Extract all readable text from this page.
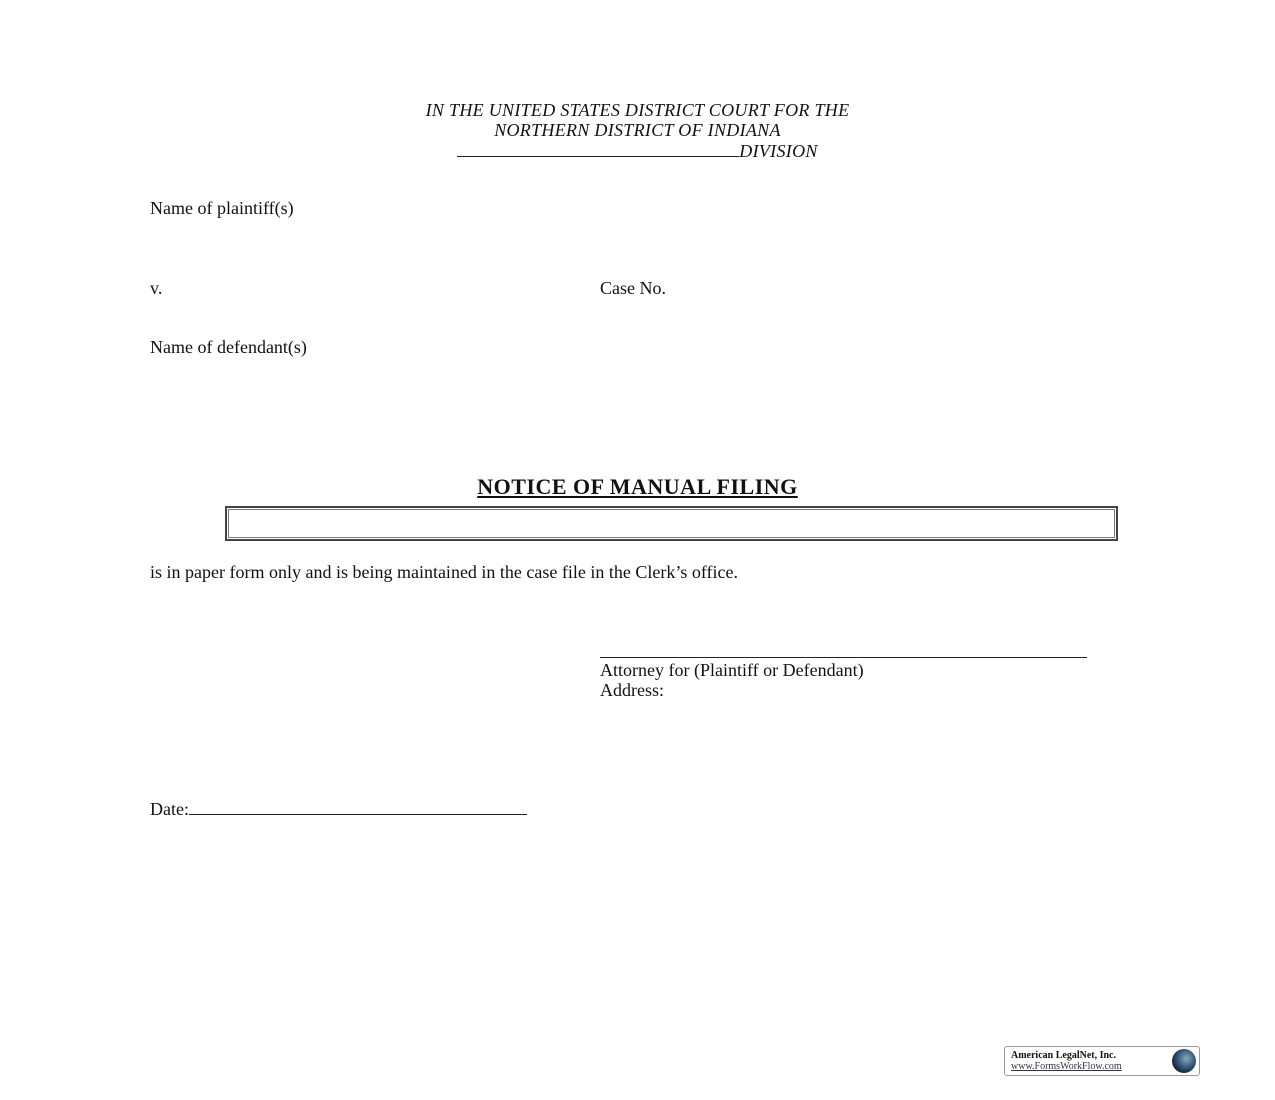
IN THE UNITED STATES DISTRICT COURT FOR THE
NORTHERN DISTRICT OF INDIANA
DIVISION
Name of plaintiff(s)
v.	Case No.
Name of defendant(s)
NOTICE OF MANUAL FILING
is in paper form only and is being maintained in the case file in the Clerk’s office.
Attorney for (Plaintiff or Defendant)
Address:
Date:
American LegalNet, Inc.
www.FormsWorkFlow.com
